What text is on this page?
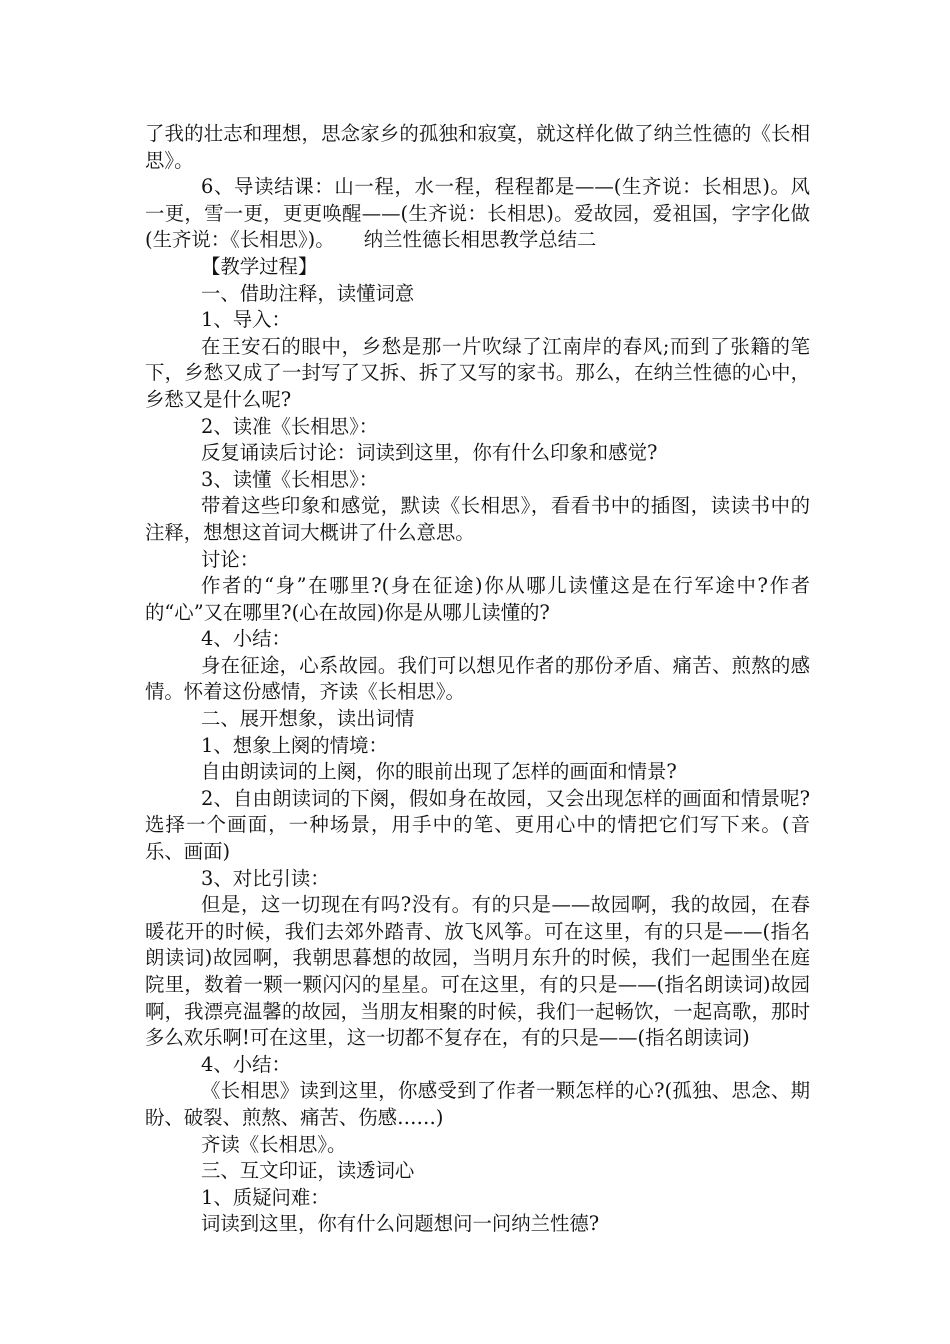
了我的壮志和理想，思念家乡的孤独和寂寞，就这样化做了纳兰性德的《长相思》。

6、导读结课：山一程，水一程，程程都是——(生齐说：长相思)。风一更，雪一更，更更唤醒——(生齐说：长相思)。爱故园，爱祖国，字字化做(生齐说：《长相思》)。　　纳兰性德长相思教学总结二

【教学过程】

一、借助注释，读懂词意

1、导入：

在王安石的眼中，乡愁是那一片吹绿了江南岸的春风;而到了张籍的笔下，乡愁又成了一封写了又拆、拆了又写的家书。那么，在纳兰性德的心中，乡愁又是什么呢?

2、读准《长相思》：

反复诵读后讨论：词读到这里，你有什么印象和感觉?

3、读懂《长相思》：

带着这些印象和感觉，默读《长相思》，看看书中的插图，读读书中的注释，想想这首词大概讲了什么意思。

讨论：

作者的“身”在哪里?(身在征途)你从哪儿读懂这是在行军途中?作者的“心”又在哪里?(心在故园)你是从哪儿读懂的?

4、小结：

身在征途，心系故园。我们可以想见作者的那份矛盾、痛苦、煎熬的感情。怀着这份感情，齐读《长相思》。

二、展开想象，读出词情

1、想象上阕的情境：

自由朗读词的上阕，你的眼前出现了怎样的画面和情景?

2、自由朗读词的下阕，假如身在故园，又会出现怎样的画面和情景呢?选择一个画面，一种场景，用手中的笔、更用心中的情把它们写下来。(音乐、画面)

3、对比引读：

但是，这一切现在有吗?没有。有的只是——故园啊，我的故园，在春暖花开的时候，我们去郊外踏青、放飞风筝。可在这里，有的只是——(指名朗读词)故园啊，我朝思暮想的故园，当明月东升的时候，我们一起围坐在庭院里，数着一颗一颗闪闪的星星。可在这里，有的只是——(指名朗读词)故园啊，我漂亮温馨的故园，当朋友相聚的时候，我们一起畅饮，一起高歌，那时多么欢乐啊!可在这里，这一切都不复存在，有的只是——(指名朗读词)

4、小结：

《长相思》读到这里，你感受到了作者一颗怎样的心?(孤独、思念、期盼、破裂、煎熬、痛苦、伤感……)

齐读《长相思》。

三、互文印证，读透词心

1、质疑问难：

词读到这里，你有什么问题想问一问纳兰性德?
